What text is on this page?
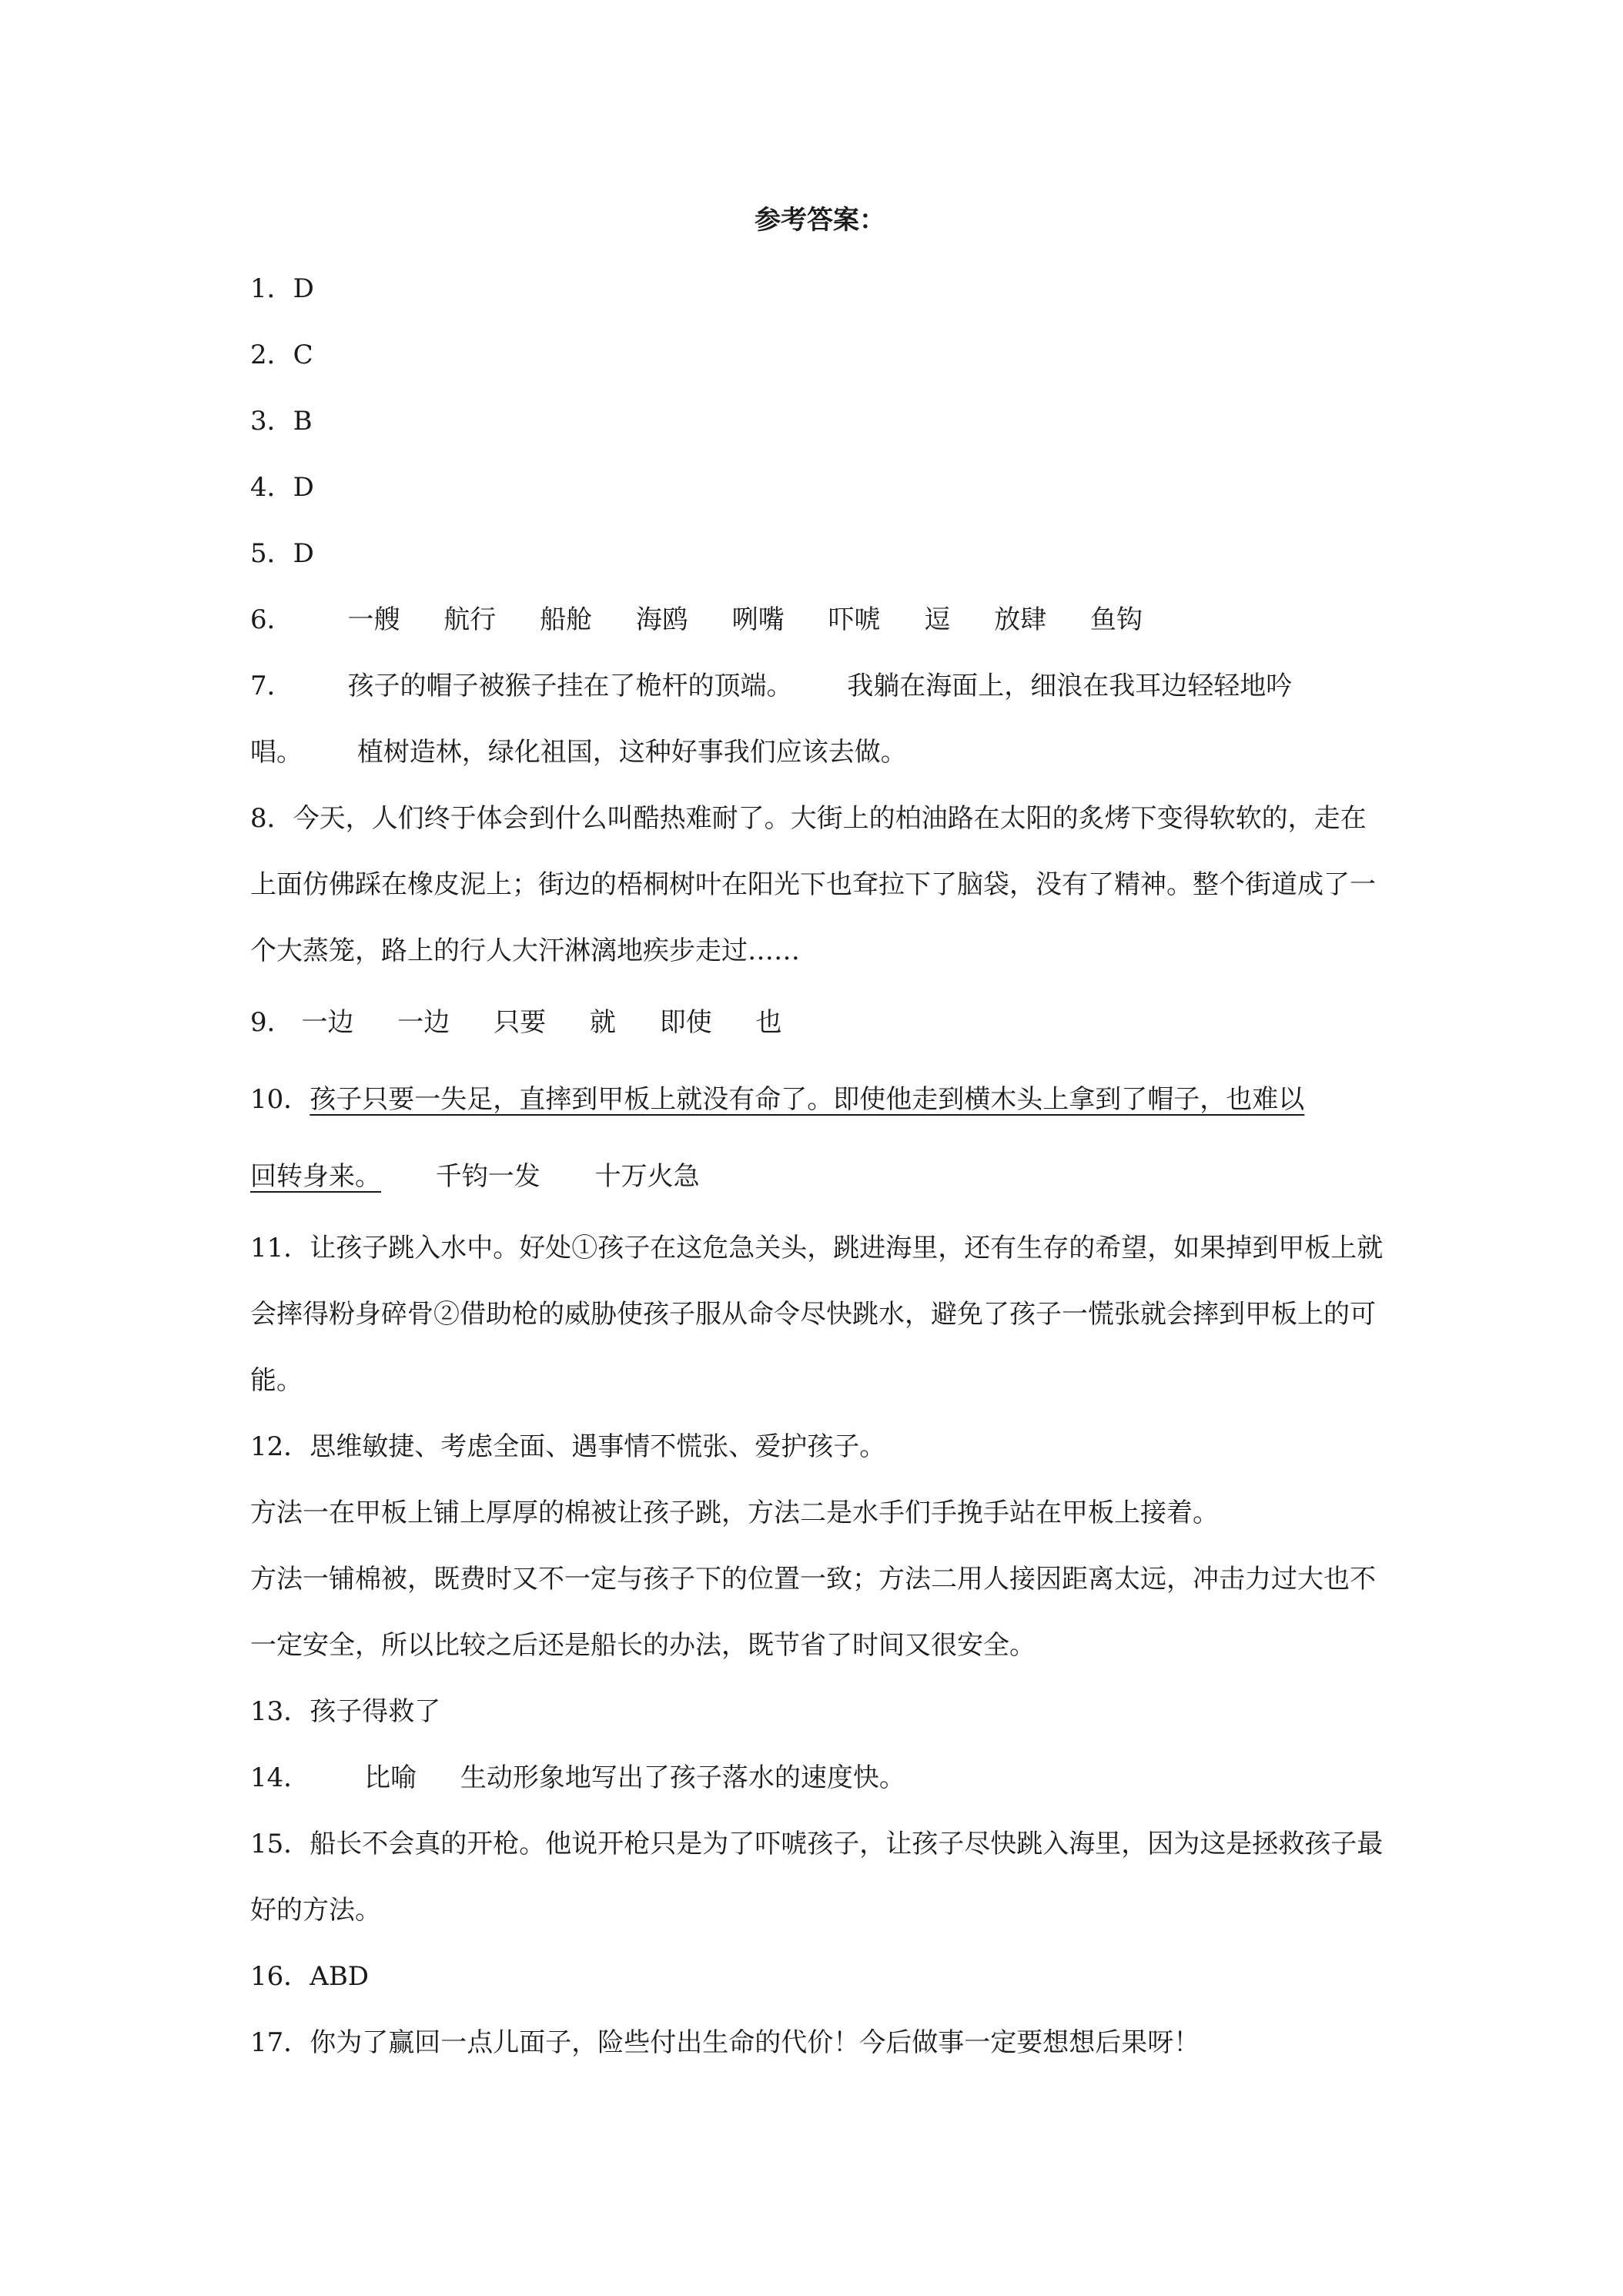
参考答案：

1．D

2．C

3．B

4．D

5．D

6． 一艘 航行 船舱 海鸥 咧嘴 吓唬 逗 放肆 鱼钩

7． 孩子的帽子被猴子挂在了桅杆的顶端。 我躺在海面上，细浪在我耳边轻轻地吟

唱。 植树造林，绿化祖国，这种好事我们应该去做。

8．今天，人们终于体会到什么叫酷热难耐了。大街上的柏油路在太阳的炙烤下变得软软的，走在上面仿佛踩在橡皮泥上；街边的梧桐树叶在阳光下也耷拉下了脑袋，没有了精神。整个街道成了一个大蒸笼，路上的行人大汗淋漓地疾步走过……

9． 一边 一边 只要 就 即使 也

10．孩子只要一失足，直摔到甲板上就没有命了。即使他走到横木头上拿到了帽子，也难以

回转身来。 千钧一发 十万火急

11．让孩子跳入水中。好处①孩子在这危急关头，跳进海里，还有生存的希望，如果掉到甲板上就会摔得粉身碎骨②借助枪的威胁使孩子服从命令尽快跳水，避免了孩子一慌张就会摔到甲板上的可能。

12．思维敏捷、考虑全面、遇事情不慌张、爱护孩子。

方法一在甲板上铺上厚厚的棉被让孩子跳，方法二是水手们手挽手站在甲板上接着。

方法一铺棉被，既费时又不一定与孩子下的位置一致；方法二用人接因距离太远，冲击力过大也不一定安全，所以比较之后还是船长的办法，既节省了时间又很安全。

13．孩子得救了

14． 比喻 生动形象地写出了孩子落水的速度快。

15．船长不会真的开枪。他说开枪只是为了吓唬孩子，让孩子尽快跳入海里，因为这是拯救孩子最好的方法。

16．ABD

17．你为了赢回一点儿面子，险些付出生命的代价！今后做事一定要想想后果呀！
